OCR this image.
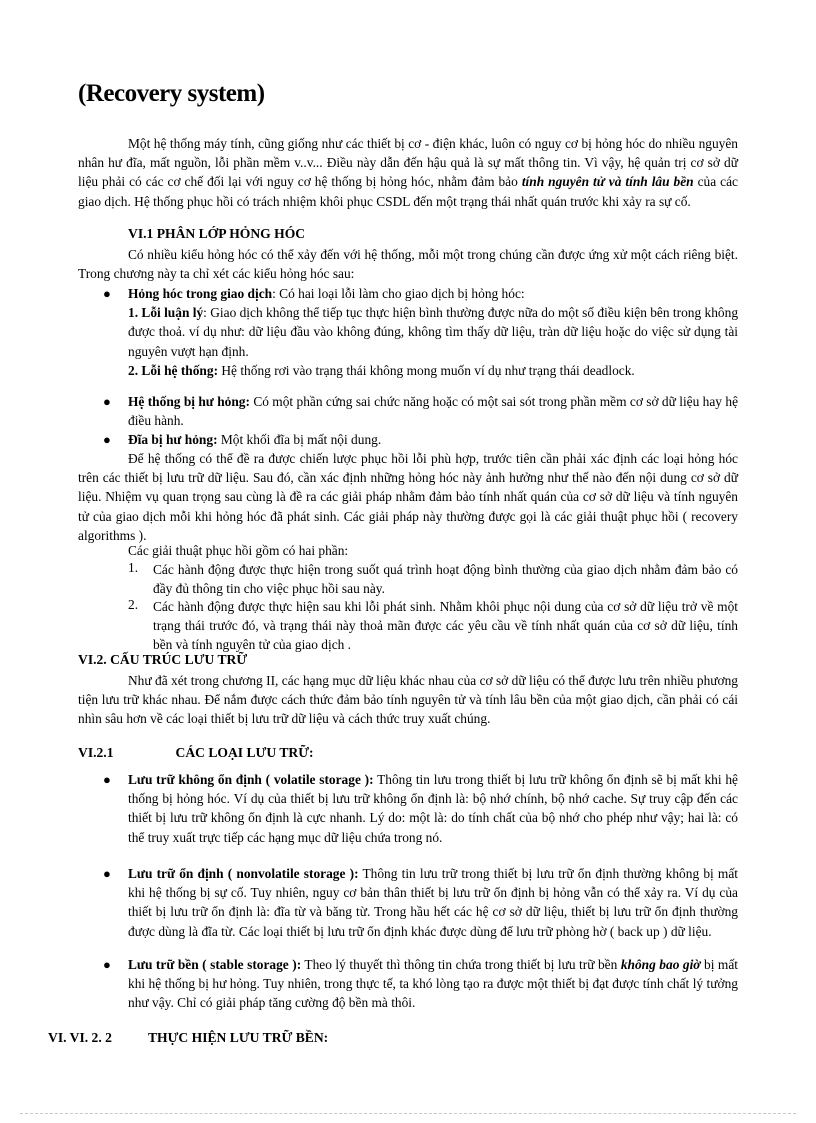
(Recovery system)

Một hệ thống máy tính, cũng giống như các thiết bị cơ - điện khác, luôn có nguy cơ bị hỏng hóc do nhiều nguyên nhân hư đĩa, mất nguồn, lỗi phần mềm v..v... Điều này dẫn đến hậu quả là sự mất thông tin. Vì vậy, hệ quản trị cơ sở dữ liệu phải có các cơ chế đối lại với nguy cơ hệ thống bị hỏng hóc, nhằm đảm bảo tính nguyên tử và tính lâu bền của các giao dịch. Hệ thống phục hồi có trách nhiệm khôi phục CSDL đến một trạng thái nhất quán trước khi xảy ra sự cố.

VI.1 PHÂN LỚP HỎNG HÓC

Có nhiều kiểu hỏng hóc có thể xảy đến với hệ thống, mỗi một trong chúng cần được ứng xử một cách riêng biệt. Trong chương này ta chỉ xét các kiểu hỏng hóc sau:

● Hỏng hóc trong giao dịch: Có hai loại lỗi làm cho giao dịch bị hỏng hóc:
1. Lỗi luận lý: Giao dịch không thể tiếp tục thực hiện bình thường được nữa do một số điều kiện bên trong không được thoả. ví dụ như: dữ liệu đầu vào không đúng, không tìm thấy dữ liệu, tràn dữ liệu hoặc do việc sử dụng tài nguyên vượt hạn định.
2. Lỗi hệ thống: Hệ thống rơi vào trạng thái không mong muốn ví dụ như trạng thái deadlock.
● Hệ thống bị hư hỏng: Có một phần cứng sai chức năng hoặc có một sai sót trong phần mềm cơ sở dữ liệu hay hệ điều hành.
● Đĩa bị hư hỏng: Một khối đĩa bị mất nội dung.

Để hệ thống có thể đề ra được chiến lược phục hồi lỗi phù hợp, trước tiên cần phải xác định các loại hỏng hóc trên các thiết bị lưu trữ dữ liệu. Sau đó, cần xác định những hỏng hóc này ảnh hưởng như thế nào đến nội dung cơ sở dữ liệu. Nhiệm vụ quan trọng sau cùng là đề ra các giải pháp nhằm đảm bảo tính nhất quán của cơ sở dữ liệu và tính nguyên tử của giao dịch mỗi khi hỏng hóc đã phát sinh. Các giải pháp này thường được gọi là các giải thuật phục hồi ( recovery algorithms ).

Các giải thuật phục hồi gồm có hai phần:

1. Các hành động được thực hiện trong suốt quá trình hoạt động bình thường của giao dịch nhằm đảm bảo có đầy đủ thông tin cho việc phục hồi sau này.

2. Các hành động được thực hiện sau khi lỗi phát sinh. Nhằm khôi phục nội dung của cơ sở dữ liệu trở về một trạng thái trước đó, và trạng thái này thoả mãn được các yêu cầu về tính nhất quán của cơ sở dữ liệu, tính bền và tính nguyên tử của giao dịch .

VI.2. CẤU TRÚC LƯU TRỮ

Như đã xét trong chương II, các hạng mục dữ liệu khác nhau của cơ sở dữ liệu có thể được lưu trên nhiều phương tiện lưu trữ khác nhau. Để nắm được cách thức đảm bảo tính nguyên tử và tính lâu bền của một giao dịch, cần phải có cái nhìn sâu hơn về các loại thiết bị lưu trữ dữ liệu và cách thức truy xuất chúng.

VI.2.1	CÁC LOẠI LƯU TRỮ:
● Lưu trữ không ổn định ( volatile storage ): Thông tin lưu trong thiết bị lưu trữ không ổn định sẽ bị mất khi hệ thống bị hỏng hóc. Ví dụ của thiết bị lưu trữ không ổn định là: bộ nhớ chính, bộ nhớ cache. Sự truy cập đến các thiết bị lưu trữ không ổn định là cực nhanh. Lý do: một là: do tính chất của bộ nhớ cho phép như vậy; hai là: có thể truy xuất trực tiếp các hạng mục dữ liệu chứa trong nó.
● Lưu trữ ổn định ( nonvolatile storage ): Thông tin lưu trữ trong thiết bị lưu trữ ổn định thường không bị mất khi hệ thống bị sự cố. Tuy nhiên, nguy cơ bản thân thiết bị lưu trữ ổn định bị hỏng vẫn có thể xảy ra. Ví dụ của thiết bị lưu trữ ổn định là: đĩa từ và băng từ. Trong hầu hết các hệ cơ sở dữ liệu, thiết bị lưu trữ ổn định thường được dùng là đĩa từ. Các loại thiết bị lưu trữ ổn định khác được dùng để lưu trữ phòng hờ ( back up ) dữ liệu.
● Lưu trữ bền ( stable storage ): Theo lý thuyết thì thông tin chứa trong thiết bị lưu trữ bền không bao giờ bị mất khi hệ thống bị hư hỏng. Tuy nhiên, trong thực tế, ta khó lòng tạo ra được một thiết bị đạt được tính chất lý tưởng như vậy. Chỉ có giải pháp tăng cường độ bền mà thôi.
VI. VI. 2. 2	THỰC HIỆN LƯU TRỮ BỀN:
